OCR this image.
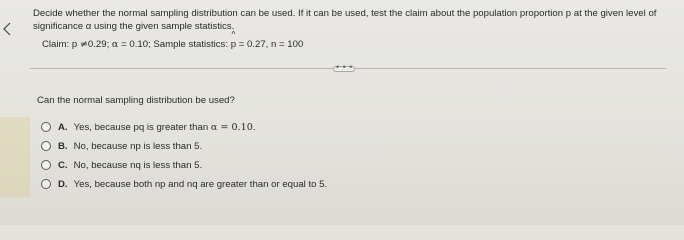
Decide whether the normal sampling distribution can be used. If it can be used, test the claim about the population proportion p at the given level of significance α using the given sample statistics.
Claim: p ≠0.29; α = 0.10; Sample statistics:
^
p = 0.27, n = 100
• • •
Can the normal sampling distribution be used?
A. Yes, because pq is greater than
α = 0.10 .
B. No, because np is less than 5.
C. No, because nq is less than 5.
D. Yes, because both np and nq are greater than or equal to 5.
